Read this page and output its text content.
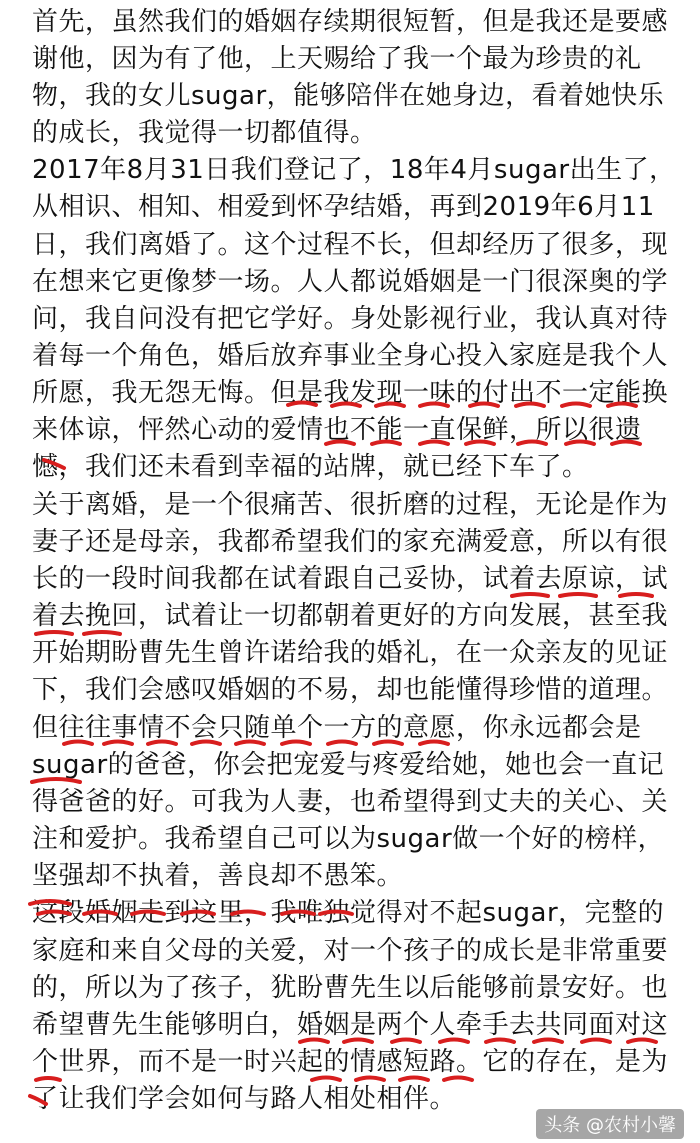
首先，虽然我们的婚姻存续期很短暂，但是我还是要感
谢他，因为有了他，上天赐给了我一个最为珍贵的礼
物，我的女儿sugar，能够陪伴在她身边，看着她快乐
的成长，我觉得一切都值得。
2017年8月31日我们登记了，18年4月sugar出生了，
从相识、相知、相爱到怀孕结婚，再到2019年6月11
日，我们离婚了。这个过程不长，但却经历了很多，现
在想来它更像梦一场。人人都说婚姻是一门很深奥的学
问，我自问没有把它学好。身处影视行业，我认真对待
着每一个角色，婚后放弃事业全身心投入家庭是我个人
所愿，我无怨无悔。但是我发现一味的付出不一定能换
来体谅，怦然心动的爱情也不能一直保鲜，所以很遗
憾，我们还未看到幸福的站牌，就已经下车了。
关于离婚，是一个很痛苦、很折磨的过程，无论是作为
妻子还是母亲，我都希望我们的家充满爱意，所以有很
长的一段时间我都在试着跟自己妥协，试着去原谅，试
着去挽回，试着让一切都朝着更好的方向发展，甚至我
开始期盼曹先生曾许诺给我的婚礼，在一众亲友的见证
下，我们会感叹婚姻的不易，却也能懂得珍惜的道理。
但往往事情不会只随单个一方的意愿，你永远都会是
sugar的爸爸，你会把宠爱与疼爱给她，她也会一直记
得爸爸的好。可我为人妻，也希望得到丈夫的关心、关
注和爱护。我希望自己可以为sugar做一个好的榜样，
坚强却不执着，善良却不愚笨。
这段婚姻走到这里，我唯独觉得对不起sugar，完整的
家庭和来自父母的关爱，对一个孩子的成长是非常重要
的，所以为了孩子，犹盼曹先生以后能够前景安好。也
希望曹先生能够明白，婚姻是两个人牵手去共同面对这
个世界，而不是一时兴起的情感短路。它的存在，是为
了让我们学会如何与路人相处相伴。
头条 @农村小馨
